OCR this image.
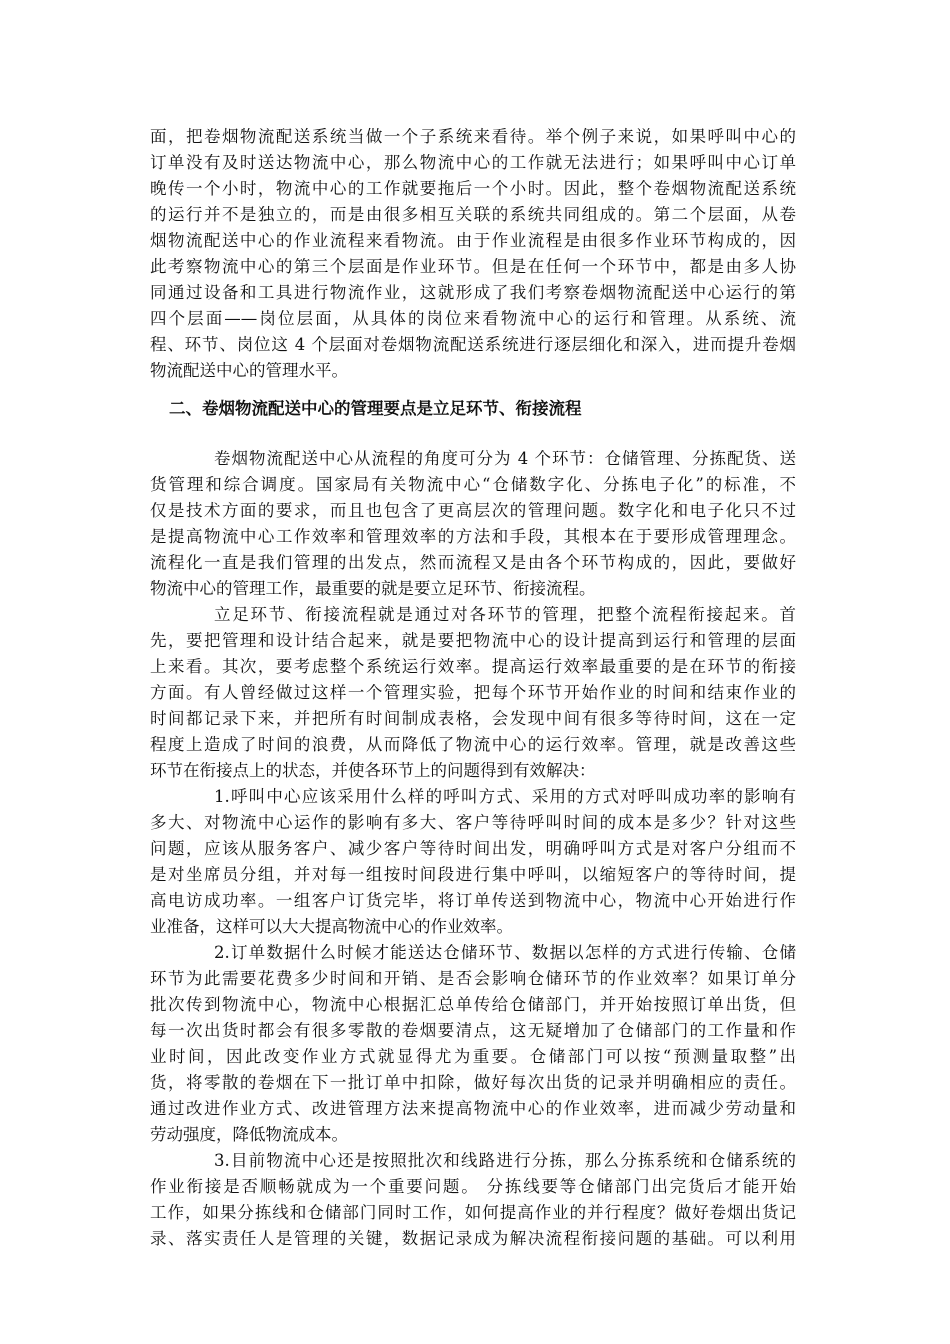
面，把卷烟物流配送系统当做一个子系统来看待。举个例子来说，如果呼叫中心的
订单没有及时送达物流中心，那么物流中心的工作就无法进行；如果呼叫中心订单
晚传一个小时，物流中心的工作就要拖后一个小时。因此，整个卷烟物流配送系统
的运行并不是独立的，而是由很多相互关联的系统共同组成的。第二个层面，从卷
烟物流配送中心的作业流程来看物流。由于作业流程是由很多作业环节构成的，因
此考察物流中心的第三个层面是作业环节。但是在任何一个环节中，都是由多人协
同通过设备和工具进行物流作业，这就形成了我们考察卷烟物流配送中心运行的第
四个层面——岗位层面，从具体的岗位来看物流中心的运行和管理。从系统、流
程、环节、岗位这 4 个层面对卷烟物流配送系统进行逐层细化和深入，进而提升卷烟
物流配送中心的管理水平。
二、卷烟物流配送中心的管理要点是立足环节、衔接流程
卷烟物流配送中心从流程的角度可分为 4 个环节：仓储管理、分拣配货、送
货管理和综合调度。国家局有关物流中心“仓储数字化、分拣电子化”的标准，不
仅是技术方面的要求，而且也包含了更高层次的管理问题。数字化和电子化只不过
是提高物流中心工作效率和管理效率的方法和手段，其根本在于要形成管理理念。
流程化一直是我们管理的出发点，然而流程又是由各个环节构成的，因此，要做好
物流中心的管理工作，最重要的就是要立足环节、衔接流程。
立足环节、衔接流程就是通过对各环节的管理，把整个流程衔接起来。首
先，要把管理和设计结合起来，就是要把物流中心的设计提高到运行和管理的层面
上来看。其次，要考虑整个系统运行效率。提高运行效率最重要的是在环节的衔接
方面。有人曾经做过这样一个管理实验，把每个环节开始作业的时间和结束作业的
时间都记录下来，并把所有时间制成表格，会发现中间有很多等待时间，这在一定
程度上造成了时间的浪费，从而降低了物流中心的运行效率。管理，就是改善这些
环节在衔接点上的状态，并使各环节上的问题得到有效解决：
1.呼叫中心应该采用什么样的呼叫方式、采用的方式对呼叫成功率的影响有
多大、对物流中心运作的影响有多大、客户等待呼叫时间的成本是多少？针对这些
问题，应该从服务客户、减少客户等待时间出发，明确呼叫方式是对客户分组而不
是对坐席员分组，并对每一组按时间段进行集中呼叫，以缩短客户的等待时间，提
高电访成功率。一组客户订货完毕，将订单传送到物流中心，物流中心开始进行作
业准备，这样可以大大提高物流中心的作业效率。
2.订单数据什么时候才能送达仓储环节、数据以怎样的方式进行传输、仓储
环节为此需要花费多少时间和开销、是否会影响仓储环节的作业效率？如果订单分
批次传到物流中心，物流中心根据汇总单传给仓储部门，并开始按照订单出货，但
每一次出货时都会有很多零散的卷烟要清点，这无疑增加了仓储部门的工作量和作
业时间，因此改变作业方式就显得尤为重要。仓储部门可以按“预测量取整”出
货，将零散的卷烟在下一批订单中扣除，做好每次出货的记录并明确相应的责任。
通过改进作业方式、改进管理方法来提高物流中心的作业效率，进而减少劳动量和
劳动强度，降低物流成本。
3.目前物流中心还是按照批次和线路进行分拣，那么分拣系统和仓储系统的
作业衔接是否顺畅就成为一个重要问题。 分拣线要等仓储部门出完货后才能开始
工作，如果分拣线和仓储部门同时工作，如何提高作业的并行程度？做好卷烟出货记
录、落实责任人是管理的关键，数据记录成为解决流程衔接问题的基础。可以利用
